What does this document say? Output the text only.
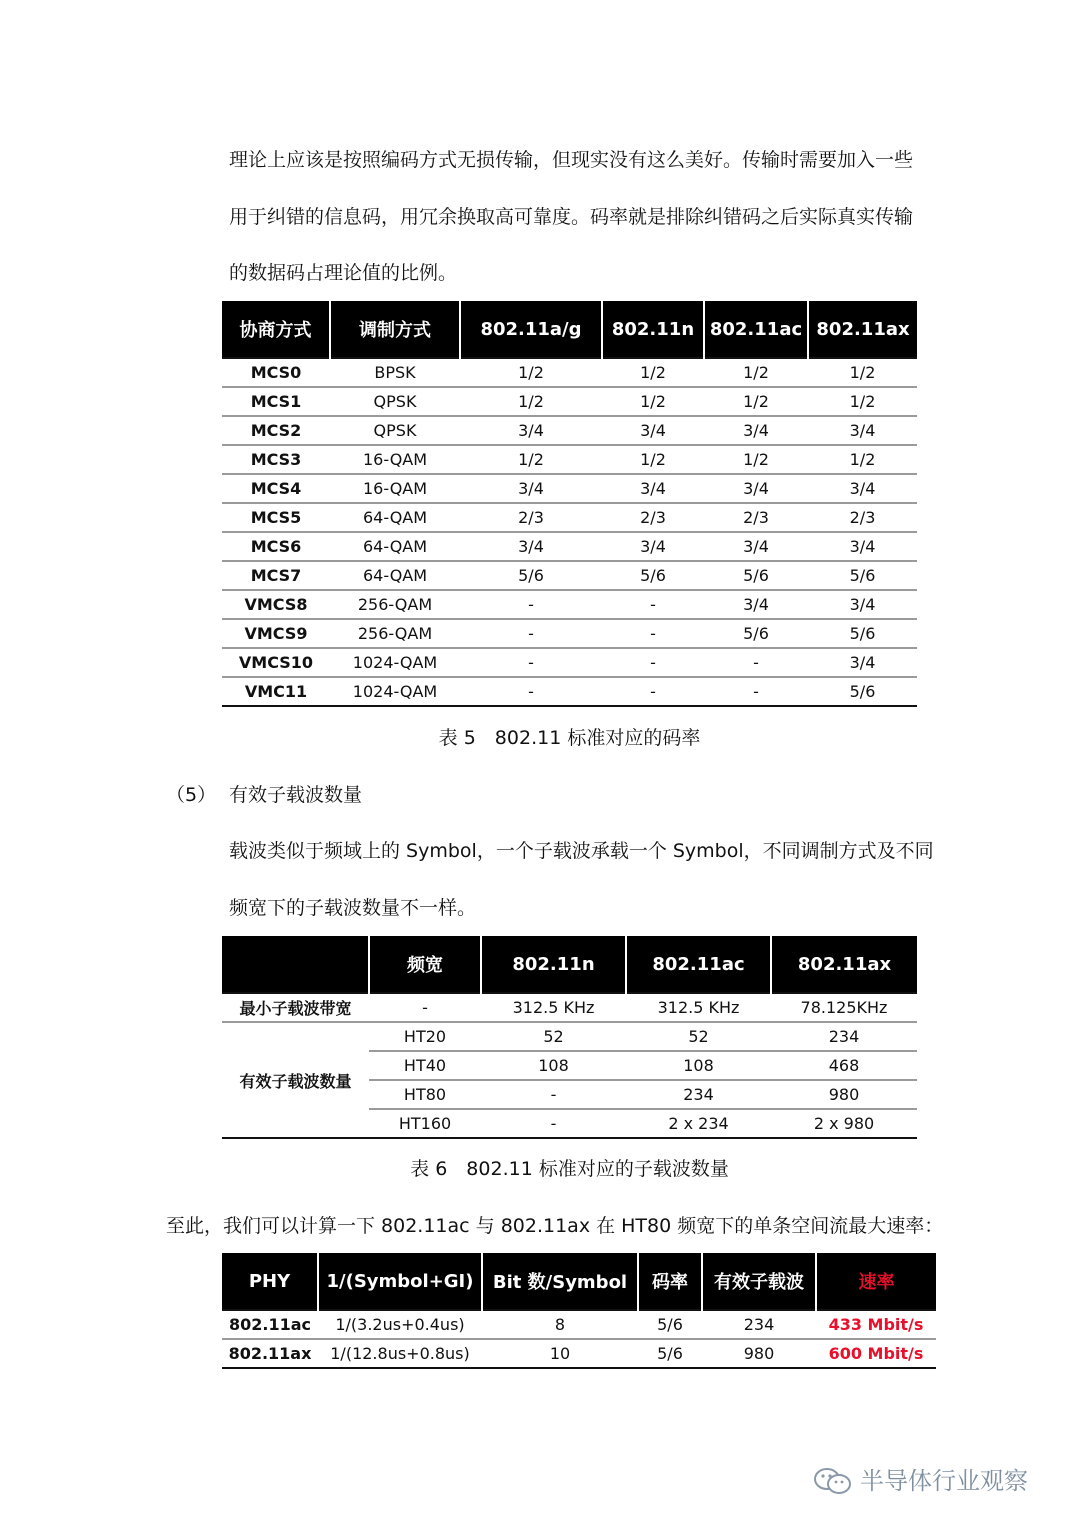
理论上应该是按照编码方式无损传输，但现实没有这么美好。传输时需要加入一些
用于纠错的信息码，用冗余换取高可靠度。码率就是排除纠错码之后实际真实传输
的数据码占理论值的比例。
协商方式	调制方式	802.11a/g	802.11n	802.11ac	802.11ax
MCS0	BPSK	1/2	1/2	1/2	1/2
MCS1	QPSK	1/2	1/2	1/2	1/2
MCS2	QPSK	3/4	3/4	3/4	3/4
MCS3	16-QAM	1/2	1/2	1/2	1/2
MCS4	16-QAM	3/4	3/4	3/4	3/4
MCS5	64-QAM	2/3	2/3	2/3	2/3
MCS6	64-QAM	3/4	3/4	3/4	3/4
MCS7	64-QAM	5/6	5/6	5/6	5/6
VMCS8	256-QAM	-	-	3/4	3/4
VMCS9	256-QAM	-	-	5/6	5/6
VMCS10	1024-QAM	-	-	-	3/4
VMC11	1024-QAM	-	-	-	5/6
表 5　802.11 标准对应的码率
（5） 有效子载波数量
载波类似于频域上的 Symbol，一个子载波承载一个 Symbol，不同调制方式及不同
频宽下的子载波数量不一样。
	频宽	802.11n	802.11ac	802.11ax
最小子载波带宽	-	312.5 KHz	312.5 KHz	78.125KHz
有效子载波数量	HT20	52	52	234
	HT40	108	108	468
	HT80	-	234	980
	HT160	-	2 x 234	2 x 980
表 6　802.11 标准对应的子载波数量
至此，我们可以计算一下 802.11ac 与 802.11ax 在 HT80 频宽下的单条空间流最大速率：
PHY	1/(Symbol+GI)	Bit 数/Symbol	码率	有效子载波	速率
802.11ac	1/(3.2us+0.4us)	8	5/6	234	433 Mbit/s
802.11ax	1/(12.8us+0.8us)	10	5/6	980	600 Mbit/s
半导体行业观察
